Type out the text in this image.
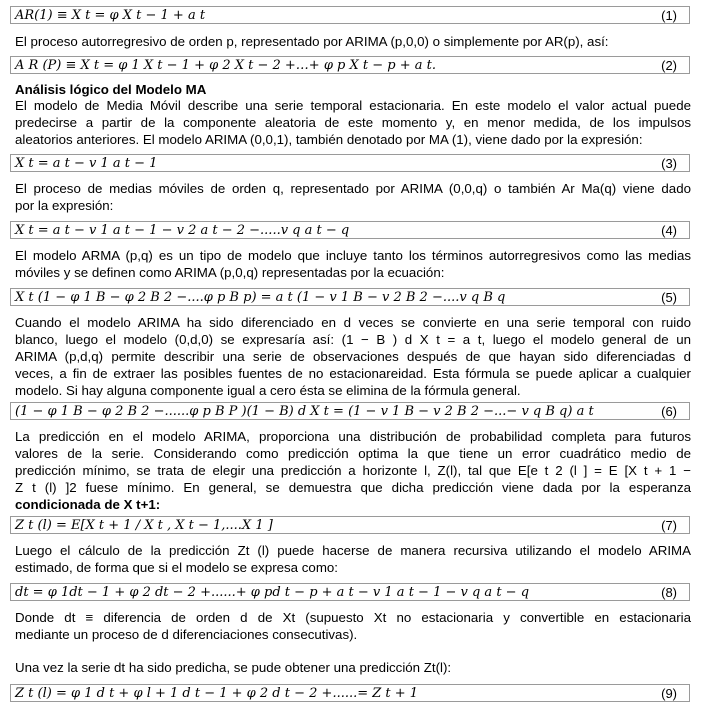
AR(1) ≡ X t = φ X t − 1 + a t	(1)

El proceso autorregresivo de orden p, representado por ARIMA (p,0,0) o simplemente por AR(p), así:

A R (P) ≡ X t = φ 1 X t − 1 + φ 2 X t − 2 +…+ φ p X t − p + a t.	(2)
Análisis lógico del Modelo MA

El modelo de Media Móvil describe una serie temporal estacionaria. En este modelo el valor actual puede
predecirse a partir de la componente aleatoria de este momento y, en menor medida, de los impulsos
aleatorios anteriores. El modelo ARIMA (0,0,1), también denotado por MA (1), viene dado por la expresión:

X t = a t − v 1 a t − 1	(3)

El proceso de medias móviles de orden q, representado por ARIMA (0,0,q) o también Ar Ma(q) viene dado
por la expresión:

X t = a t − v 1 a t − 1 − v 2 a t − 2 −.....v q a t − q	(4)

El modelo ARMA (p,q) es un tipo de modelo que incluye tanto los términos autorregresivos como las medias
móviles y se definen como ARIMA (p,0,q) representadas por la ecuación:

X t (1 − φ 1 B − φ 2 B 2 −....φ p B p) = a t (1 − v 1 B − v 2 B 2 −....v q B q	(5)

Cuando el modelo ARIMA ha sido diferenciado en d veces se convierte en una serie temporal con ruido
blanco, luego el modelo (0,d,0) se expresaría así: (1 − B ) d X t = a t, luego el modelo general de un
ARIMA (p,d,q) permite describir una serie de observaciones después de que hayan sido diferenciadas d
veces, a fin de extraer las posibles fuentes de no estacionareidad. Esta fórmula se puede aplicar a cualquier
modelo. Si hay alguna componente igual a cero ésta se elimina de la fórmula general.

(1 − φ 1 B − φ 2 B 2 −......φ p B P )(1 − B) d X t = (1 − v 1 B − v 2 B 2 −...− v q B q) a t	(6)

La predicción en el modelo ARIMA, proporciona una distribución de probabilidad completa para futuros
valores de la serie. Considerando como predicción optima la que tiene un error cuadrático medio de
predicción mínimo, se trata de elegir una predicción a horizonte l, Z(l), tal que E[e t 2 (l ] = E [X t + 1 −
Z t (l) ]2 fuese mínimo. En general, se demuestra que dicha predicción viene dada por la esperanza
condicionada de X t+1:

Z t (l) = E[X t + 1 / X t , X t − 1,....X 1 ]	(7)

Luego el cálculo de la predicción Zt (l) puede hacerse de manera recursiva utilizando el modelo ARIMA
estimado, de forma que si el modelo se expresa como:

dt = φ 1dt − 1 + φ 2 dt − 2 +......+ φ pd t − p + a t − v 1 a t − 1 − v q a t − q	(8)

Donde dt ≡ diferencia de orden d de Xt (supuesto Xt no estacionaria y convertible en estacionaria
mediante un proceso de d diferenciaciones consecutivas).

Una vez la serie dt ha sido predicha, se pude obtener una predicción Zt(l):

Z t (l) = φ 1 d t + φ l + 1 d t − 1 + φ 2 d t − 2 +......= Z t + 1	(9)
